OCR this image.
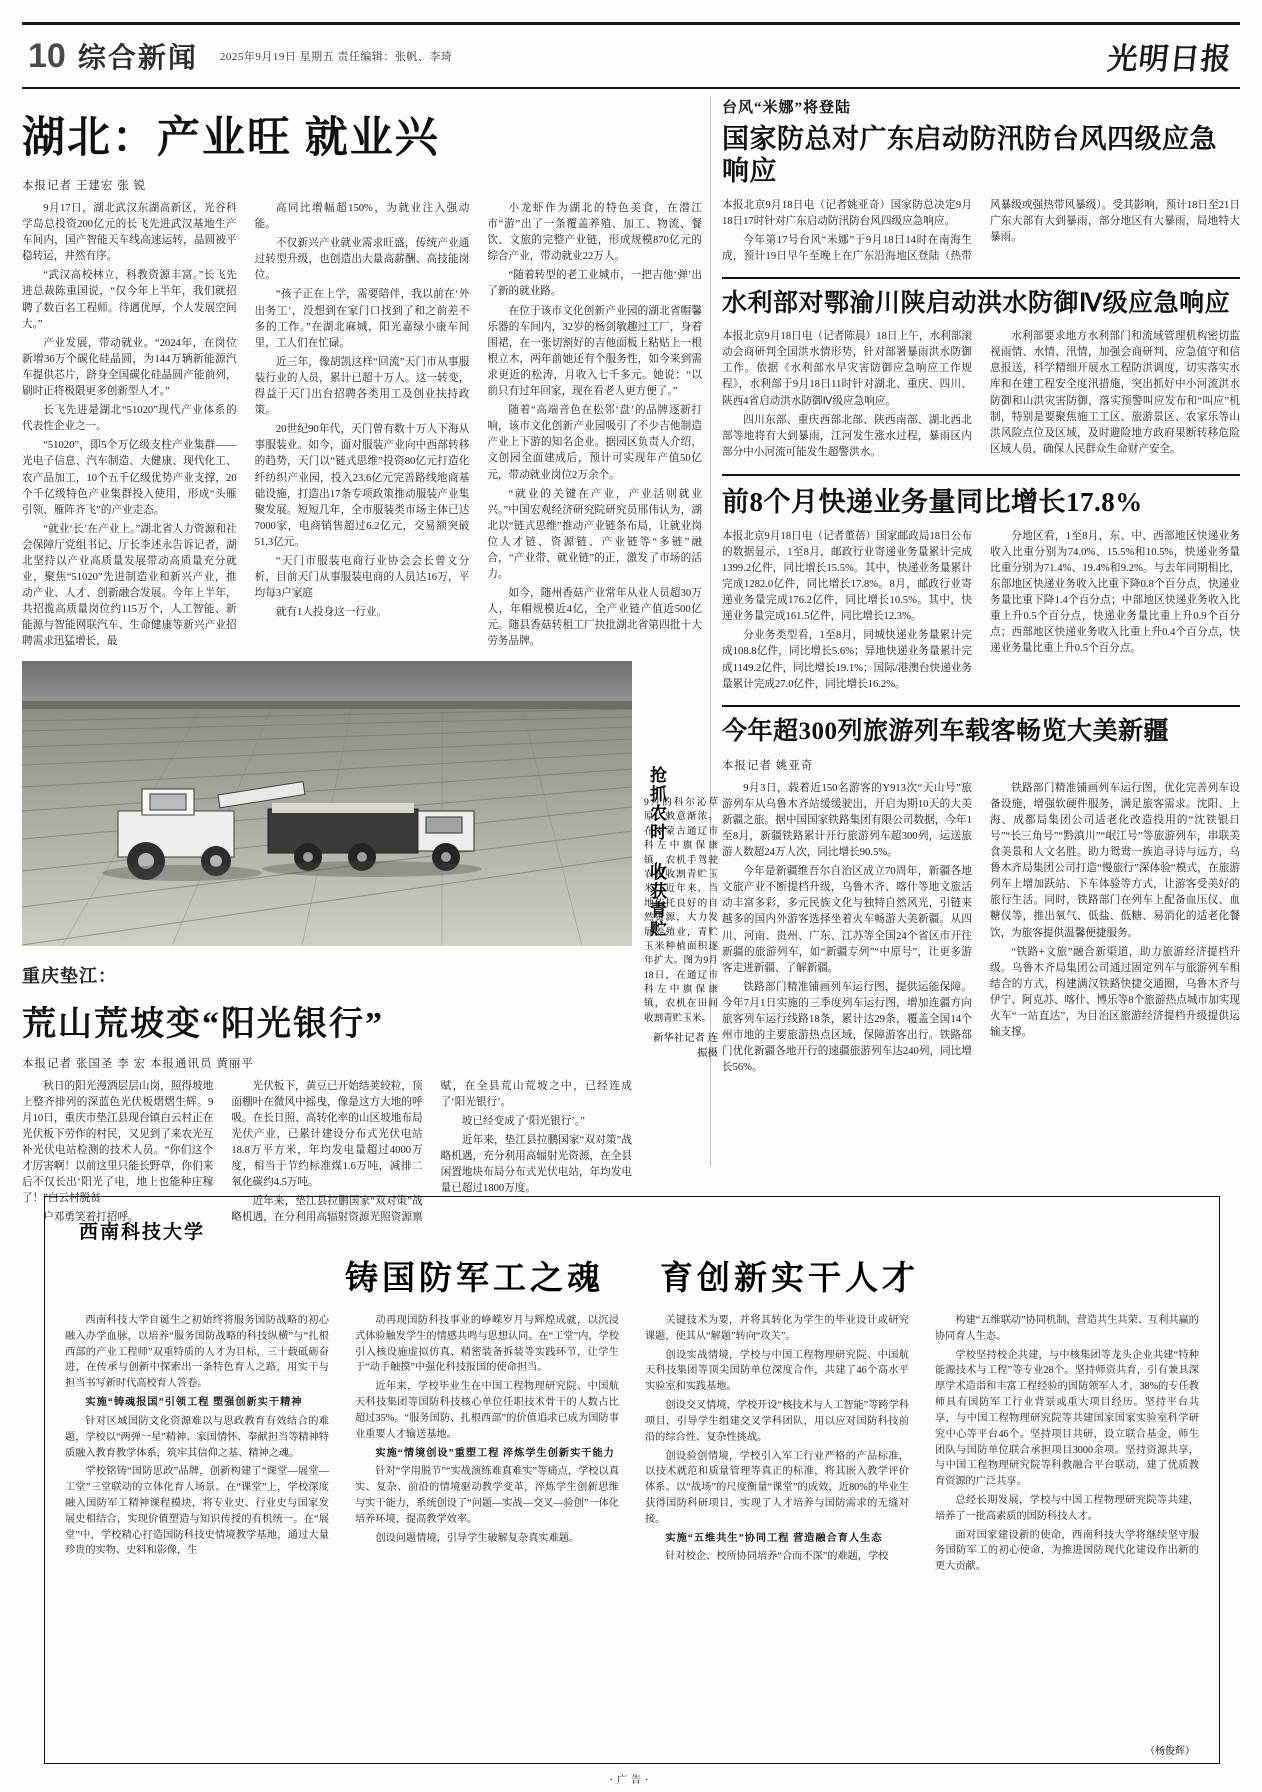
10 综合新闻 2025年9月19日 星期五 责任编辑：张帆、李琦	光明日报
湖北：产业旺 就业兴
本报记者 王建宏 张 锐

9月17日，湖北武汉东湖高新区，光谷科学岛总投资200亿元的长飞先进武汉基地生产车间内，国产智能天车线高速运转，晶圆被平稳转运，井然有序。

“武汉高校林立，科教资源丰富。”长飞先进总裁陈重国说，“仅今年上半年，我们就招聘了数百名工程师。待遇优厚，个人发展空间大。”

产业发展，带动就业。“2024年，在岗位新增36万个碳化硅晶圆，为144万辆新能源汽车提供芯片，跻身全国碳化硅晶圆产能前列，刷时正将极限更多创新型人才。”

长飞先进是湖北“51020”现代产业体系的代表性企业之一。

“51020”，即5个万亿级支柱产业集群——光电子信息、汽车制造、大健康、现代化工、农产品加工，10个五千亿级优势产业支撑，20个千亿级特色产业集群投入使用，形成“头雁引领、雁阵齐飞”的产业走态。

“就业‘长’在产业上。”湖北省人力资源和社会保障厅党组书记、厅长李述永告诉记者，湖北坚持以产业高质量发展带动高质量充分就业，聚焦“51020”先进制造业和新兴产业，推动产业、人才、创新融合发展。今年上半年，共招揽高质量岗位约115万个，人工智能、新能源与智能网联汽车、生命健康等新兴产业招聘需求迅猛增长，最

高同比增幅超150%，为就业注入强动能。

不仅新兴产业就业需求旺盛，传统产业通过转型升级，也创造出大量高薪酬、高技能岗位。

“孩子正在上学，需要陪伴，我以前在‘外出务工’，没想到在家门口找到了和之前差不多的工作。”在湖北麻城，阳光嘉绿小康车间里，工人们在忙碌。

近三年，像胡凯这样“回流”天门市从事服装行业的人员，累计已超十万人。这一转变，得益于天门出台招聘各类用工及创业扶持政策。

20世纪90年代，天门曾有数十万人下海从事服装业。如今，面对服装产业向中西部转移的趋势，天门以“链式思维”投资80亿元打造化纤纺织产业园，投入23.6亿元完善路线地商基础设施，打造出17条专项政策推动服装产业集聚发展。短短几年，全市服装类市场主体已达7000家，电商销售超过6.2亿元，交易额突破51.3亿元。

“天门市服装电商行业协会会长曾文分析，目前天门从事服装电商的人员达16万，平均每3户家庭

就有1人投身这一行业。

小龙虾作为湖北的特色美食，在潜江市“游”出了一条覆盖养殖、加工、物流、餐饮、文旅的完整产业链，形成规模870亿元的综合产业，带动就业22万人。

“随着转型的老工业城市，一把吉他‘弹’出了新的就业路。

在位于该市文化创新产业园的湖北省帽馨乐器的车间内，32岁的杨剑敏趣过工厂，身着围裙，在一张切割好的吉他面板上粘贴上一根根立木，两年前她还有个服务性，如今来到需求更近的松涛，月收入七千多元。她说：“以前只有过年回家，现在看老人更方便了。”

随着“高端音色在松邻‘盘’的品牌逐新打响，该市文化创新产业园吸引了不少吉他制造产业上下游的知名企业。据园区负责人介绍，文创园全面建成后，预计可实现年产值50亿元，带动就业岗位2万余个。

“就业的关键在产业，产业活则就业兴。”中国宏观经济研究院研究员邢伟认为，湖北以“链式思维”推动产业链条布局，让就业岗位人才链、资源链、产业链等“多链”融合，“产业带、就业链”的正，激发了市场的活力。

如今，随州香菇产业常年从业人员超30万人，年帽规模近4亿，全产业链产值近500亿元。随县香菇转租工厂抉批湖北省第四批十大劳务品牌。

抢抓农时 收获青贮
重庆垫江：
荒山荒坡变“阳光银行”
本报记者 张国圣 李 宏 本报通讯员 黄丽平

秋日的阳光漫洒层层山岗，照得坡地上整齐排列的深蓝色光伏板熠熠生辉。9月10日，重庆市垫江县现台镇白云村正在光伏板下劳作的村民，又见到了来农光互补光伏电站检测的技术人员。“你们这个才厉害啊！以前这里只能长野草，你们来后不仅长出‘阳光了电，地上也能种庄稼了！”白云村脱贫

户邓勇笑着打招呼。

光伏板下，黄豆已开始结荚较粒，顶面棚叶在微风中摇曳，像是这方大地的呼吸。在长日照、高转化率的山区坡地布局光伏产业，已累计建设分布式光伏电站18.8万平方米，年均发电量超过4000万度，相当于节约标准煤1.6万吨，减排二氧化碳约4.5万吨。

近年来，垫江县拉鹏国家“双对策”战略机遇，在分利用高辐射资源光照资源禀赋，在全县荒山荒坡之中，已经连成了‘阳光银行’。

坡已经变成了‘阳光银行’。”

近年来，垫江县拉鹏国家“双对策”战略机遇，充分利用高辐射光资源，在全县闲置地块布局分布式光伏电站，年均发电量已超过1800万度。

9月的科尔沁草原，敕意渐浓。在内蒙古通辽市科左中旗保康镇，农机手驾驶农机收割青贮玉米。近年来，当地依托良好的自然资源，大力发展养殖业，青贮玉米种植面积逐年扩大。图为9月18日，在通辽市科左中旗保康镇，农机在田间收割青贮玉米。
新华社记者 连振摄
台风“米娜”将登陆
国家防总对广东启动防汛防台风四级应急响应

本报北京9月18日电（记者姚亚奇）国家防总决定9月18日17时针对广东启动防汛防台风四级应急响应。

今年第17号台风“米娜”于9月18日14时在南海生成，预计19日早午至晚上在广东沿海地区登陆（热带风暴级或强热带风暴级）。受其影响，预计18日至21日广东大部有大到暴雨，部分地区有大暴雨，局地特大暴雨。

水利部对鄂渝川陕启动洪水防御Ⅳ级应急响应

本报北京9月18日电（记者陈晨）18日上午，水利部滚动会商研判全国洪水情形势，针对部署暴雨洪水防御工作。依据《水利部水早灾害防御应急响应工作规程》，水利部于9月18日11时针对湖北、重庆、四川、陕西4省启动洪水防御Ⅳ级应急响应。

四川东部、重庆西部北部、陕西南部、湖北西北部等地将有大到暴雨，江河发生涨水过程，暴雨区内部分中小河流可能发生超警洪水。

水利部要求地方水利部门和流域管理机构密切监视雨情、水情、汛情，加强会商研判、应急值守和信息报送，科学精细开展水工程防洪调度，切实落实水库和在建工程安全度汛措施，突出抓好中小河流洪水防御和山洪灾害防御，落实预警叫应发布和“叫应”机制，特别是要聚焦施工工区、旅游景区、农家乐等山洪风险点位及区域，及时避险地方政府果断转移危险区域人员，确保人民群众生命财产安全。

前8个月快递业务量同比增长17.8%

本报北京9月18日电（记者董蓓）国家邮政局18日公布的数据显示，1至8月，邮政行业寄递业务量累计完成1399.2亿件，同比增长15.5%。其中，快递业务量累计完成1282.0亿件，同比增长17.8%。8月，邮政行业寄递业务量完成176.2亿件，同比增长10.5%。其中，快递业务量完成161.5亿件，同比增长12.3%。

分业务类型看，1至8月，同城快递业务量累计完成108.8亿件，同比增长5.6%；异地快递业务量累计完成1149.2亿件，同比增长19.1%；国际/港澳台快递业务量累计完成27.0亿件，同比增长16.2%。

分地区看，1至8月，东、中、西部地区快递业务收入比重分别为74.0%、15.5%和10.5%，快递业务量比重分别为71.4%、19.4%和9.2%。与去年同期相比，东部地区快递业务收入比重下降0.8个百分点，快递业务量比重下降1.4个百分点；中部地区快递业务收入比重上升0.5个百分点，快递业务量比重上升0.9个百分点；西部地区快递业务收入比重上升0.4个百分点，快递业务量比重上升0.5个百分点。

今年超300列旅游列车载客畅览大美新疆
本报记者 姚亚奇

9月3日，载着近150名游客的Y913次“天山号”旅游列车从乌鲁木齐站缓缓驶出，开启为期10天的大美新疆之旅。据中国国家铁路集团有限公司数据，今年1至8月，新疆铁路累计开行旅游列车超300列，运送旅游人数超24万人次，同比增长90.5%。

今年是新疆维吾尔自治区成立70周年，新疆各地文旅产业不断提档升级，乌鲁木齐、喀什等地文旅活动丰富多彩，多元民族文化与独特自然风光，引链来越多的国内外游客选择坐着火车畅游大美新疆。从四川、河南、贵州、广东、江苏等全国24个省区市开往新疆的旅游列车，如“新疆专列”“中原号”，让更多游客走进新疆、了解新疆。

铁路部门精准铺画列车运行图，提供运能保障。今年7月1日实施的三季度列车运行图，增加连疆方向旅客列车运行线路18条，累计达29条，覆盖全国14个州市地的主要旅游热点区域，保障游客出行。铁路部门优化新疆各地开行的速疆旅游列车达240列，同比增长56%。

铁路部门精准铺画列车运行图，优化完善列车设备设施，增强软硬件服务，满足旅客需求。沈阳、上海、成都局集团公司适老化改造投用的“沈铁银日号”“长三角号”“黔滇川”“岷江号”等旅游列车，串联美食美景和人文名胜。助力鸳鸯一族追寻诗与远方，乌鲁木齐局集团公司打造“慢旅行”深体验“模式，在旅游列车上增加跃站、下车体验等方式，让游客受美好的旅行生活。同时，铁路部门在列车上配备血压仪、血糖仪等，推出氧气、低盐、低糖、易消化的适老化餐饮，为旅客提供温馨便捷服务。

“铁路+文旅”融合新渠道，助力旅游经济提档升级。乌鲁木齐局集团公司通过固定列车与旅游列车相结合的方式，构建满汉铁路快捷交通圈，乌鲁木齐与伊宁、阿克苏、喀什、博乐等8个旅游热点城市加实现火车“一站直达”，为目治区旅游经济提档升级提供运输支撑。

西南科技大学
铸国防军工之魂 育创新实干人才

西南科技大学自诞生之初始终将服务国防战略的初心融入办学血脉，以培养“服务国防战略的科技纵横”与“扎根西部的产业工程师”双重特质的人才为目标，三十载砥砺奋进，在传承与创新中探索出一条特色育人之路，用实干与担当书写新时代高校育人答卷。

实施“铸魂报国”引领工程 塑强创新实干精神

针对区域国防文化资源难以与思政教育有效结合的难题，学校以“两弹一星”精神、家国情怀、奉献担当等精神特质融入教育教学体系，筑牢其信仰之基、精神之魂。

学校铭铸“国防思政”品牌，创新构建了“课堂—展堂—工堂”三堂联动的立体化育人场景。在“课堂”上，学校深度融入国防军工精神课程模块，将专业史、行业史与国家发展史相结合，实现价值塑造与知识传授的有机统一。在“展堂”中，学校精心打造国防科技史情境教学基地，通过大量珍贵的实物、史料和影像，生

动再现国防科技事业的峥嵘岁月与辉煌成就，以沉浸式体验触发学生的情感共鸣与思想认同。在“工堂”内，学校引入核设施虚拟仿真、精密装备拆装等实践环节，让学生于“动手触摸”中强化科技报国的使命担当。

近年来，学校毕业生在中国工程物理研究院、中国航天科技集团等国防科技核心单位任职技术骨干的人数占比超过35%。“服务国防、扎根西部”的价值追求已成为国防事业重要人才输送基地。

实施“情境创设”重塑工程 淬炼学生创新实干能力

针对“学用脱节”“实战演练难真难实”等痛点，学校以真实、复杂、前沿的情境驱动教学变革，淬炼学生创新思维与实干能力，系统创设了“问题—实战—交叉—验创”一体化培养环境，提高教学效率。

创设问题情境，引导学生破解复杂真实难题。

关键技术为要，并将其转化为学生的毕业设计或研究课题，使其从“解题”转向“攻关”。

创设实战情境，学校与中国工程物理研究院、中国航天科技集团等顶尖国防单位深度合作，共建了46个高水平实验室和实践基地。

创设交叉情境，学校开设“核技术与人工智能”等跨学科项目，引导学生组建交叉学科团队，用以应对国防科技前沿的综合性、复杂性挑战。

创设验创情境，学校引入军工行业严格的产品标准，以技术就范和质量管理等真正的标准，将其嵌入教学评价体系。以“战场”的尺度衡量“课堂”的成效，近80%的毕业生获得国防科研项目，实现了人才培养与国防需求的无缝对接。

实施“五维共生”协同工程 营造融合育人生态

针对校企、校所协同培养“合而不深”的难题，学校

构建“五维联动”协同机制，营造共生共荣、互利共赢的协同育人生态。

学校坚持校企共建，与中核集团等龙头企业共建“特种能源技术与工程”等专业28个。坚持师资共育，引有兼具深厚学术造诣和丰富工程经验的国防领军人才，38%的专任教师具有国防军工行业背景或重大项目经历。坚持平台共享，与中国工程物理研究院等共建国家国家实验室科学研究中心等平台46个。坚持项目共研，设立联合基金，师生团队与国防单位联合承担项目3000余项。坚持资源共享，与中国工程物理研究院等科教融合平台联动，建了优质教育资源的广泛共享。

总经长期发展，学校与中国工程物理研究院等共建，培养了一批高素质的国防科技人才。

面对国家建设新的使命，西南科技大学将继续坚守服务国防军工的初心使命，为推进国防现代化建设作出新的更大贡献。

（杨俊辉）
·广告·
